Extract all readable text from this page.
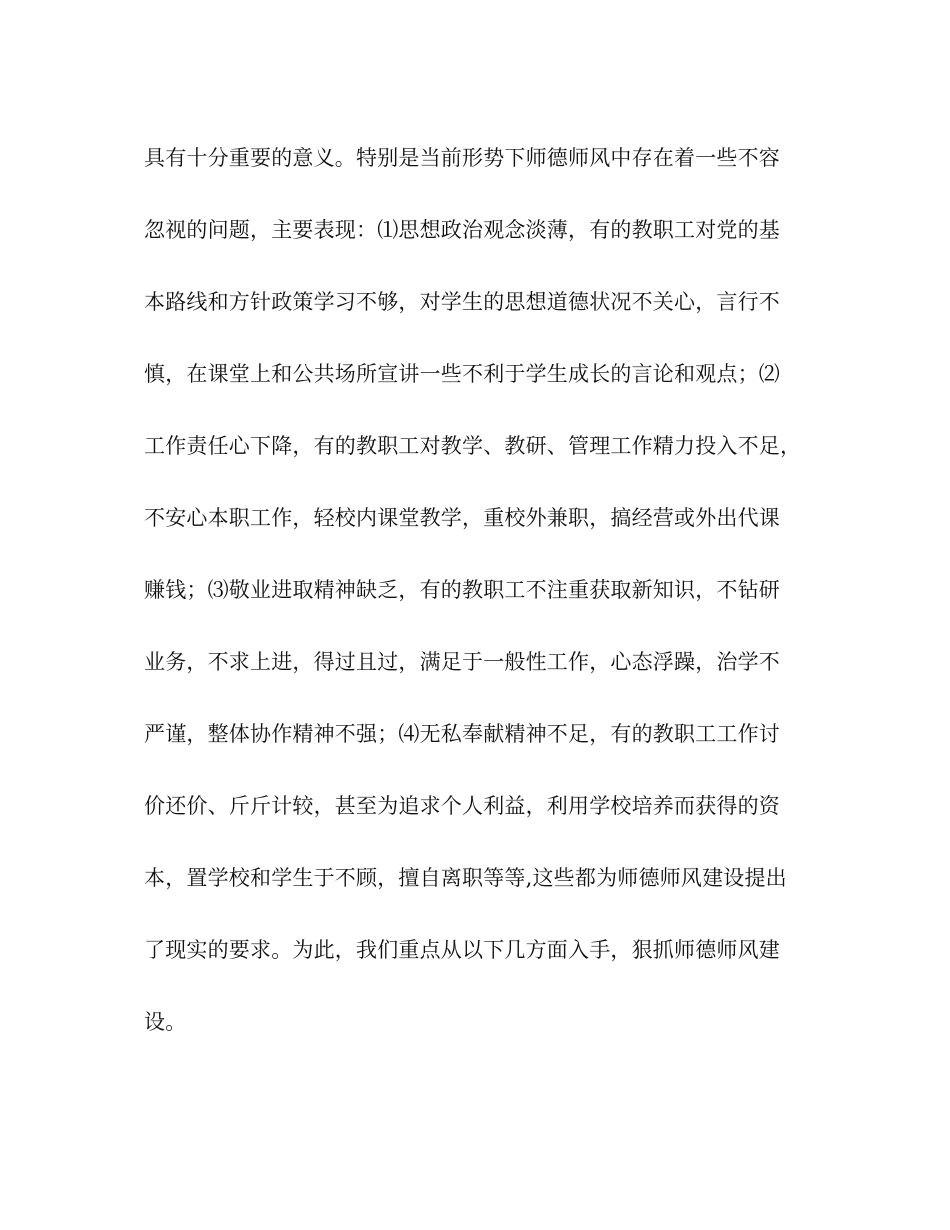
具有十分重要的意义。特别是当前形势下师德师风中存在着一些不容
忽视的问题，主要表现：⑴思想政治观念淡薄，有的教职工对党的基
本路线和方针政策学习不够，对学生的思想道德状况不关心，言行不
慎，在课堂上和公共场所宣讲一些不利于学生成长的言论和观点；⑵
工作责任心下降，有的教职工对教学、教研、管理工作精力投入不足，
不安心本职工作，轻校内课堂教学，重校外兼职，搞经营或外出代课
赚钱；⑶敬业进取精神缺乏，有的教职工不注重获取新知识，不钻研
业务，不求上进，得过且过，满足于一般性工作，心态浮躁，治学不
严谨，整体协作精神不强；⑷无私奉献精神不足，有的教职工工作讨
价还价、斤斤计较，甚至为追求个人利益，利用学校培养而获得的资
本，置学校和学生于不顾，擅自离职等等,这些都为师德师风建设提出
了现实的要求。为此，我们重点从以下几方面入手，狠抓师德师风建
设。
